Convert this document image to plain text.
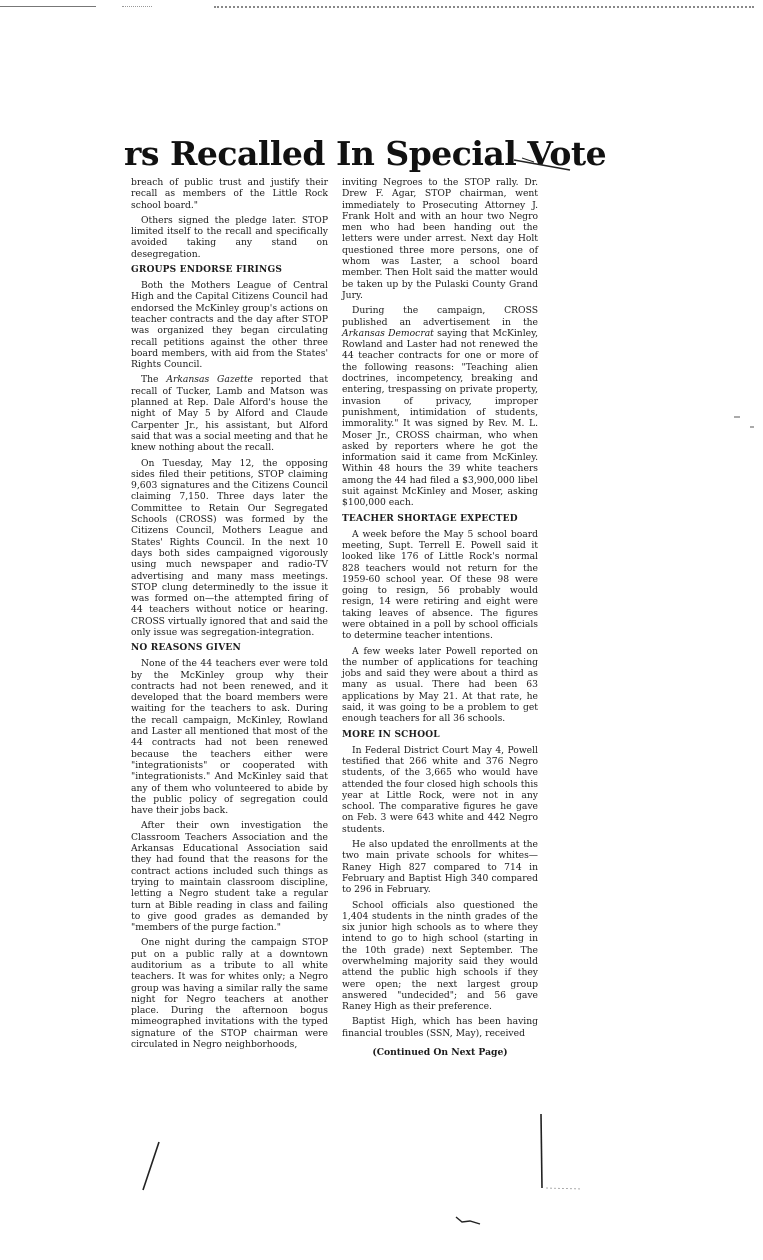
rs Recalled In Special Vote

breach of public trust and justify their recall as members of the Little Rock school board."

Others signed the pledge later. STOP limited itself to the recall and specifically avoided taking any stand on desegregation.

GROUPS ENDORSE FIRINGS

Both the Mothers League of Central High and the Capital Citizens Council had endorsed the McKinley group's actions on teacher contracts and the day after STOP was organized they began circulating recall petitions against the other three board members, with aid from the States' Rights Council.

The Arkansas Gazette reported that recall of Tucker, Lamb and Matson was planned at Rep. Dale Alford's house the night of May 5 by Alford and Claude Carpenter Jr., his assistant, but Alford said that was a social meeting and that he knew nothing about the recall.

On Tuesday, May 12, the opposing sides filed their petitions, STOP claiming 9,603 signatures and the Citizens Council claiming 7,150. Three days later the Committee to Retain Our Segregated Schools (CROSS) was formed by the Citizens Council, Mothers League and States' Rights Council. In the next 10 days both sides campaigned vigorously using much newspaper and radio-TV advertising and many mass meetings. STOP clung determinedly to the issue it was formed on—the attempted firing of 44 teachers without notice or hearing. CROSS virtually ignored that and said the only issue was segregation-integration.

NO REASONS GIVEN

None of the 44 teachers ever were told by the McKinley group why their contracts had not been renewed, and it developed that the board members were waiting for the teachers to ask. During the recall campaign, McKinley, Rowland and Laster all mentioned that most of the 44 contracts had not been renewed because the teachers either were "integrationists" or cooperated with "integrationists." And McKinley said that any of them who volunteered to abide by the public policy of segregation could have their jobs back.

After their own investigation the Classroom Teachers Association and the Arkansas Educational Association said they had found that the reasons for the contract actions included such things as trying to maintain classroom discipline, letting a Negro student take a regular turn at Bible reading in class and failing to give good grades as demanded by "members of the purge faction."

One night during the campaign STOP put on a public rally at a downtown auditorium as a tribute to all white teachers. It was for whites only; a Negro group was having a similar rally the same night for Negro teachers at another place. During the afternoon bogus mimeographed invitations with the typed signature of the STOP chairman were circulated in Negro neighborhoods,

inviting Negroes to the STOP rally. Dr. Drew F. Agar, STOP chairman, went immediately to Prosecuting Attorney J. Frank Holt and with an hour two Negro men who had been handing out the letters were under arrest. Next day Holt questioned three more persons, one of whom was Laster, a school board member. Then Holt said the matter would be taken up by the Pulaski County Grand Jury.

During the campaign, CROSS published an advertisement in the Arkansas Democrat saying that McKinley, Rowland and Laster had not renewed the 44 teacher contracts for one or more of the following reasons: "Teaching alien doctrines, incompetency, breaking and entering, trespassing on private property, invasion of privacy, improper punishment, intimidation of students, immorality." It was signed by Rev. M. L. Moser Jr., CROSS chairman, who when asked by reporters where he got the information said it came from McKinley. Within 48 hours the 39 white teachers among the 44 had filed a $3,900,000 libel suit against McKinley and Moser, asking $100,000 each.

TEACHER SHORTAGE EXPECTED

A week before the May 5 school board meeting, Supt. Terrell E. Powell said it looked like 176 of Little Rock's normal 828 teachers would not return for the 1959-60 school year. Of these 98 were going to resign, 56 probably would resign, 14 were retiring and eight were taking leaves of absence. The figures were obtained in a poll by school officials to determine teacher intentions.

A few weeks later Powell reported on the number of applications for teaching jobs and said they were about a third as many as usual. There had been 63 applications by May 21. At that rate, he said, it was going to be a problem to get enough teachers for all 36 schools.

MORE IN SCHOOL

In Federal District Court May 4, Powell testified that 266 white and 376 Negro students, of the 3,665 who would have attended the four closed high schools this year at Little Rock, were not in any school. The comparative figures he gave on Feb. 3 were 643 white and 442 Negro students.

He also updated the enrollments at the two main private schools for whites—Raney High 827 compared to 714 in February and Baptist High 340 compared to 296 in February.

School officials also questioned the 1,404 students in the ninth grades of the six junior high schools as to where they intend to go to high school (starting in the 10th grade) next September. The overwhelming majority said they would attend the public high schools if they were open; the next largest group answered "undecided"; and 56 gave Raney High as their preference.

Baptist High, which has been having financial troubles (SSN, May), received

(Continued On Next Page)
